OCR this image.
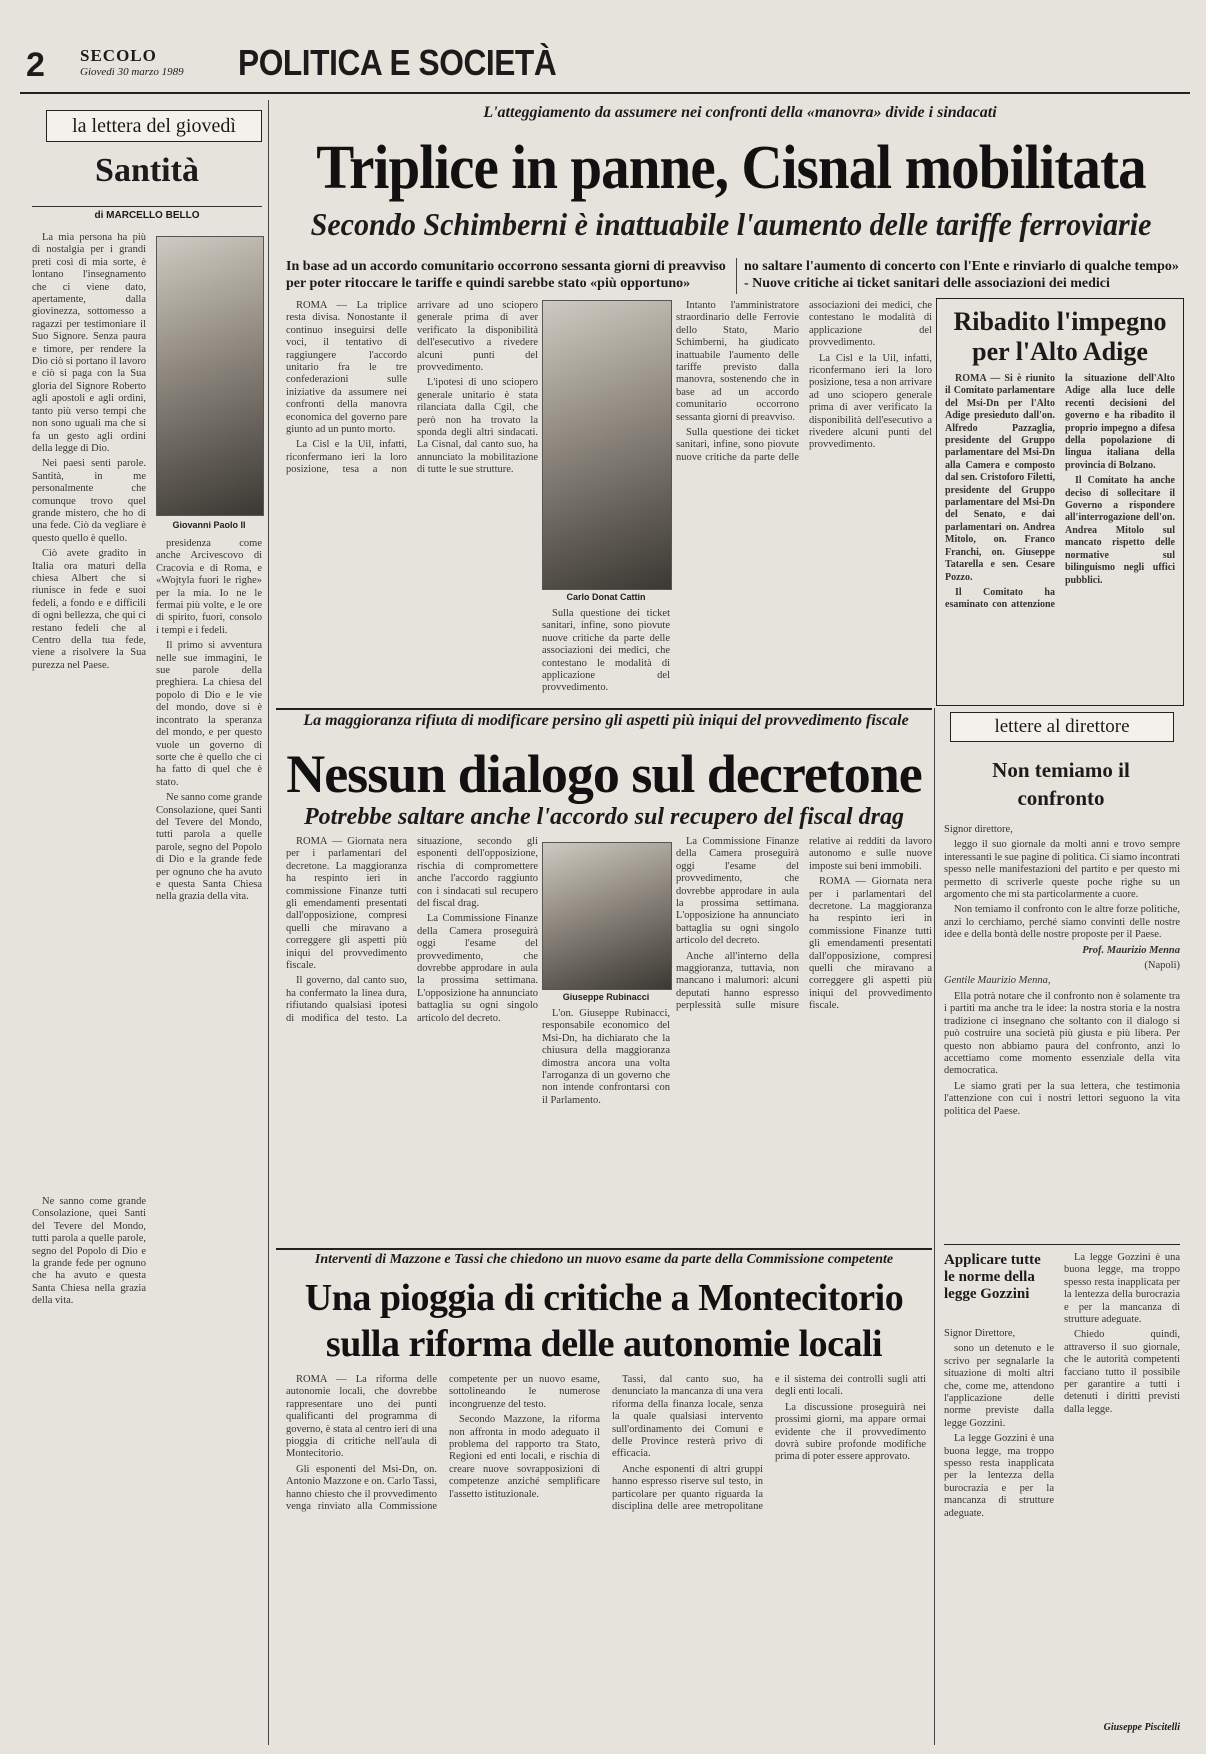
2 SECOLO
Giovedì 30 marzo 1989 POLITICA E SOCIETÀ
la lettera del giovedì
Santità
di MARCELLO BELLO

La mia persona ha più di nostalgia per i grandi preti così di mia sorte, è lontano l'insegnamento che ci viene dato, apertamente, dalla giovinezza, sottomesso a ragazzi per testimoniare il Suo Signore. Senza paura e timore, per rendere la Dio ciò si portano il lavoro e ciò si paga con la Sua gloria del Signore Roberto agli apostoli e agli ordini, tanto più verso tempi che non sono uguali ma che si fa un gesto agli ordini della legge di Dio.

Nei paesi senti parole. Santità, in me personalmente che comunque trovo quel grande mistero, che ho di una fede. Ciò da vegliare è questo quello è quello.

Ciò avete gradito in Italia ora maturi della chiesa Albert che si riunisce in fede e suoi fedeli, a fondo e e difficili di ogni bellezza, che qui ci restano fedeli che al Centro della tua fede, viene a risolvere la Sua purezza nel Paese.

Giovanni Paolo II

presidenza come anche Arcivescovo di Cracovia e di Roma, e «Wojtyla fuori le righe» per la mia. Io ne le fermai più volte, e le ore di spirito, fuori, consolo i tempi e i fedeli.

Il primo si avventura nelle sue immagini, le sue parole della preghiera. La chiesa del popolo di Dio e le vie del mondo, dove si è incontrato la speranza del mondo, e per questo vuole un governo di sorte che è quello che ci ha fatto di quel che è stato.

Ne sanno come grande Consolazione, quei Santi del Tevere del Mondo, tutti parola a quelle parole, segno del Popolo di Dio e la grande fede per ognuno che ha avuto e questa Santa Chiesa nella grazia della vita.

Ne sanno come grande Consolazione, quei Santi del Tevere del Mondo, tutti parola a quelle parole, segno del Popolo di Dio e la grande fede per ognuno che ha avuto e questa Santa Chiesa nella grazia della vita.

L'atteggiamento da assumere nei confronti della «manovra» divide i sindacati
Triplice in panne, Cisnal mobilitata
Secondo Schimberni è inattuabile l'aumento delle tariffe ferroviarie
In base ad un accordo comunitario occorrono sessanta giorni di preavviso per poter ritoccare le tariffe e quindi sarebbe stato «più opportuno»
no saltare l'aumento di concerto con l'Ente e rinviarlo di qualche tempo» - Nuove critiche ai ticket sanitari delle associazioni dei medici

ROMA — La triplice resta divisa. Nonostante il continuo inseguirsi delle voci, il tentativo di raggiungere l'accordo unitario fra le tre confederazioni sulle iniziative da assumere nei confronti della manovra economica del governo pare giunto ad un punto morto.

La Cisl e la Uil, infatti, riconfermano ieri la loro posizione, tesa a non arrivare ad uno sciopero generale prima di aver verificato la disponibilità dell'esecutivo a rivedere alcuni punti del provvedimento.

L'ipotesi di uno sciopero generale unitario è stata rilanciata dalla Cgil, che però non ha trovato la sponda degli altri sindacati. La Cisnal, dal canto suo, ha annunciato la mobilitazione di tutte le sue strutture.

Carlo Donat Cattin

Sulla questione dei ticket sanitari, infine, sono piovute nuove critiche da parte delle associazioni dei medici, che contestano le modalità di applicazione del provvedimento.

Intanto l'amministratore straordinario delle Ferrovie dello Stato, Mario Schimberni, ha giudicato inattuabile l'aumento delle tariffe previsto dalla manovra, sostenendo che in base ad un accordo comunitario occorrono sessanta giorni di preavviso.

Sulla questione dei ticket sanitari, infine, sono piovute nuove critiche da parte delle associazioni dei medici, che contestano le modalità di applicazione del provvedimento.

La Cisl e la Uil, infatti, riconfermano ieri la loro posizione, tesa a non arrivare ad uno sciopero generale prima di aver verificato la disponibilità dell'esecutivo a rivedere alcuni punti del provvedimento.

Ribadito l'impegno per l'Alto Adige

ROMA — Si è riunito il Comitato parlamentare del Msi-Dn per l'Alto Adige presieduto dall'on. Alfredo Pazzaglia, presidente del Gruppo parlamentare del Msi-Dn alla Camera e composto dal sen. Cristoforo Filetti, presidente del Gruppo parlamentare del Msi-Dn del Senato, e dai parlamentari on. Andrea Mitolo, on. Franco Franchi, on. Giuseppe Tatarella e sen. Cesare Pozzo.

Il Comitato ha esaminato con attenzione la situazione dell'Alto Adige alla luce delle recenti decisioni del governo e ha ribadito il proprio impegno a difesa della popolazione di lingua italiana della provincia di Bolzano.

Il Comitato ha anche deciso di sollecitare il Governo a rispondere all'interrogazione dell'on. Andrea Mitolo sul mancato rispetto delle normative sul bilinguismo negli uffici pubblici.

La maggioranza rifiuta di modificare persino gli aspetti più iniqui del provvedimento fiscale
Nessun dialogo sul decretone
Potrebbe saltare anche l'accordo sul recupero del fiscal drag

ROMA — Giornata nera per i parlamentari del decretone. La maggioranza ha respinto ieri in commissione Finanze tutti gli emendamenti presentati dall'opposizione, compresi quelli che miravano a correggere gli aspetti più iniqui del provvedimento fiscale.

Il governo, dal canto suo, ha confermato la linea dura, rifiutando qualsiasi ipotesi di modifica del testo. La situazione, secondo gli esponenti dell'opposizione, rischia di compromettere anche l'accordo raggiunto con i sindacati sul recupero del fiscal drag.

La Commissione Finanze della Camera proseguirà oggi l'esame del provvedimento, che dovrebbe approdare in aula la prossima settimana. L'opposizione ha annunciato battaglia su ogni singolo articolo del decreto.

Giuseppe Rubinacci

L'on. Giuseppe Rubinacci, responsabile economico del Msi-Dn, ha dichiarato che la chiusura della maggioranza dimostra ancora una volta l'arroganza di un governo che non intende confrontarsi con il Parlamento.

La Commissione Finanze della Camera proseguirà oggi l'esame del provvedimento, che dovrebbe approdare in aula la prossima settimana. L'opposizione ha annunciato battaglia su ogni singolo articolo del decreto.

Anche all'interno della maggioranza, tuttavia, non mancano i malumori: alcuni deputati hanno espresso perplessità sulle misure relative ai redditi da lavoro autonomo e sulle nuove imposte sui beni immobili.

ROMA — Giornata nera per i parlamentari del decretone. La maggioranza ha respinto ieri in commissione Finanze tutti gli emendamenti presentati dall'opposizione, compresi quelli che miravano a correggere gli aspetti più iniqui del provvedimento fiscale.

lettere al direttore
Non temiamo il confronto

Signor direttore,

leggo il suo giornale da molti anni e trovo sempre interessanti le sue pagine di politica. Ci siamo incontrati spesso nelle manifestazioni del partito e per questo mi permetto di scriverle queste poche righe su un argomento che mi sta particolarmente a cuore.

Non temiamo il confronto con le altre forze politiche, anzi lo cerchiamo, perché siamo convinti delle nostre idee e della bontà delle nostre proposte per il Paese.

Prof. Maurizio Menna

(Napoli)

Gentile Maurizio Menna,

Ella potrà notare che il confronto non è solamente tra i partiti ma anche tra le idee: la nostra storia e la nostra tradizione ci insegnano che soltanto con il dialogo si può costruire una società più giusta e più libera. Per questo non abbiamo paura del confronto, anzi lo accettiamo come momento essenziale della vita democratica.

Le siamo grati per la sua lettera, che testimonia l'attenzione con cui i nostri lettori seguono la vita politica del Paese.

Applicare tutte le norme della legge Gozzini

Signor Direttore,

sono un detenuto e le scrivo per segnalarle la situazione di molti altri che, come me, attendono l'applicazione delle norme previste dalla legge Gozzini.

La legge Gozzini è una buona legge, ma troppo spesso resta inapplicata per la lentezza della burocrazia e per la mancanza di strutture adeguate.

La legge Gozzini è una buona legge, ma troppo spesso resta inapplicata per la lentezza della burocrazia e per la mancanza di strutture adeguate.

Chiedo quindi, attraverso il suo giornale, che le autorità competenti facciano tutto il possibile per garantire a tutti i detenuti i diritti previsti dalla legge.

Giuseppe Piscitelli
Interventi di Mazzone e Tassi che chiedono un nuovo esame da parte della Commissione competente
Una pioggia di critiche a Montecitorio
sulla riforma delle autonomie locali

ROMA — La riforma delle autonomie locali, che dovrebbe rappresentare uno dei punti qualificanti del programma di governo, è stata al centro ieri di una pioggia di critiche nell'aula di Montecitorio.

Gli esponenti del Msi-Dn, on. Antonio Mazzone e on. Carlo Tassi, hanno chiesto che il provvedimento venga rinviato alla Commissione competente per un nuovo esame, sottolineando le numerose incongruenze del testo.

Secondo Mazzone, la riforma non affronta in modo adeguato il problema del rapporto tra Stato, Regioni ed enti locali, e rischia di creare nuove sovrapposizioni di competenze anziché semplificare l'assetto istituzionale.

Tassi, dal canto suo, ha denunciato la mancanza di una vera riforma della finanza locale, senza la quale qualsiasi intervento sull'ordinamento dei Comuni e delle Province resterà privo di efficacia.

Anche esponenti di altri gruppi hanno espresso riserve sul testo, in particolare per quanto riguarda la disciplina delle aree metropolitane e il sistema dei controlli sugli atti degli enti locali.

La discussione proseguirà nei prossimi giorni, ma appare ormai evidente che il provvedimento dovrà subire profonde modifiche prima di poter essere approvato.
